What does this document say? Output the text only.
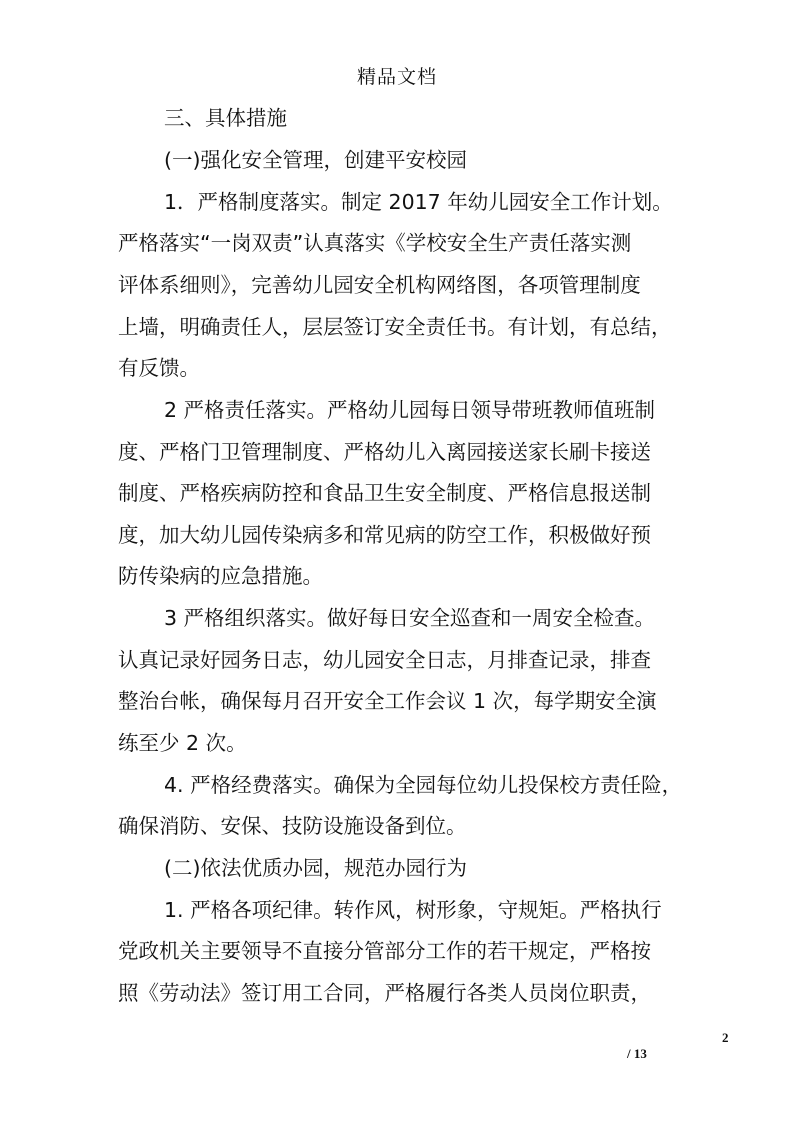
精品文档
三、具体措施
(一)强化安全管理，创建平安校园
1．严格制度落实。制定 2017 年幼儿园安全工作计划。
严格落实“一岗双责”认真落实《学校安全生产责任落实测
评体系细则》，完善幼儿园安全机构网络图，各项管理制度
上墙，明确责任人，层层签订安全责任书。有计划，有总结，
有反馈。
2 严格责任落实。严格幼儿园每日领导带班教师值班制
度、严格门卫管理制度、严格幼儿入离园接送家长刷卡接送
制度、严格疾病防控和食品卫生安全制度、严格信息报送制
度，加大幼儿园传染病多和常见病的防空工作，积极做好预
防传染病的应急措施。
3 严格组织落实。做好每日安全巡查和一周安全检查。
认真记录好园务日志，幼儿园安全日志，月排查记录，排查
整治台帐，确保每月召开安全工作会议 1 次，每学期安全演
练至少 2 次。
4. 严格经费落实。确保为全园每位幼儿投保校方责任险，
确保消防、安保、技防设施设备到位。
(二)依法优质办园，规范办园行为
1. 严格各项纪律。转作风，树形象，守规矩。严格执行
党政机关主要领导不直接分管部分工作的若干规定，严格按
照《劳动法》签订用工合同，严格履行各类人员岗位职责，
2
/ 13
